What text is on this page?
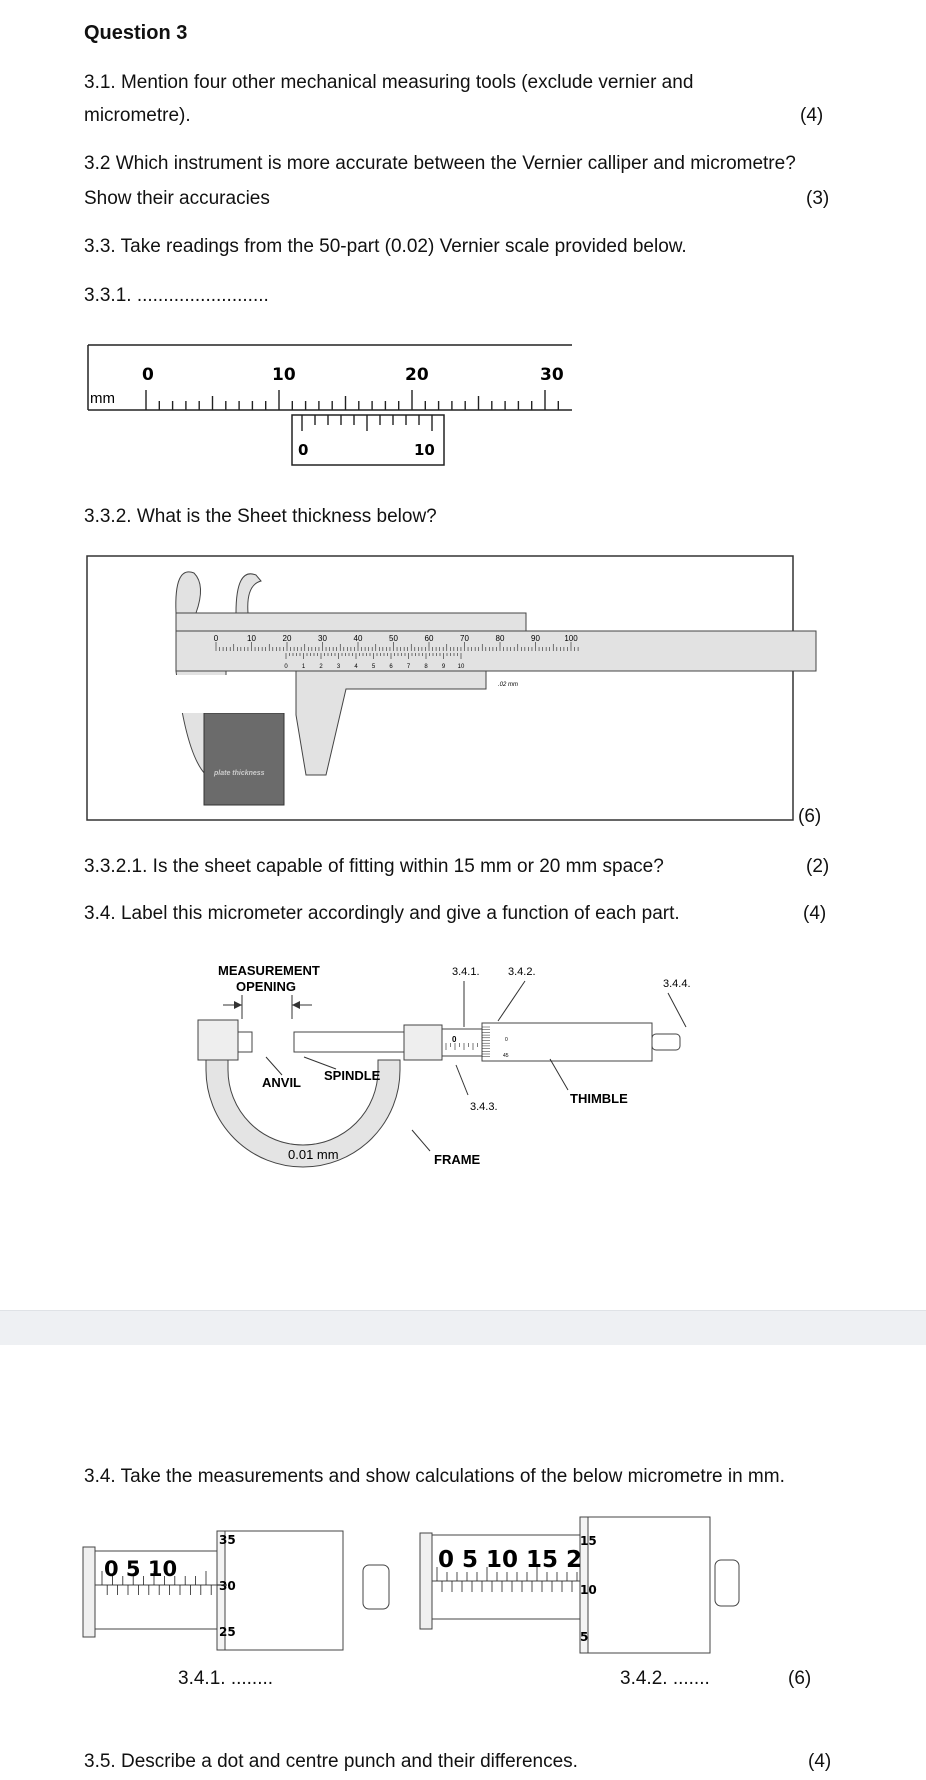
Question 3
3.1. Mention four other mechanical measuring tools (exclude vernier and
micrometre).	(4)
3.2 Which instrument is more accurate between the Vernier calliper and micrometre?
Show their accuracies	(3)
3.3. Take readings from the 50-part (0.02) Vernier scale provided below.
3.3.1. .........................
mm
0	10	20	30
0	10
3.3.2. What is the Sheet thickness below?
plate thickness
0	10	20	30	40	50	60	70	80	90	100
0 1 2 3 4 5 6 7 8 9 10
.02 mm
(6)
3.3.2.1. Is the sheet capable of fitting within 15 mm or 20 mm space?	(2)
3.4. Label this micrometer accordingly and give a function of each part.	(4)
0	0
45
MEASUREMENT
OPENING
ANVIL SPINDLE
THIMBLE
FRAME
0.01 mm
3.4.1.	3.4.2.
3.4.3.
3.4.4.
3.4. Take the measurements and show calculations of the below micrometre in mm.
0 5 10
35
30
25
0 5 10 15 2
15
10
5
3.4.1. ........	3.4.2. .......	(6)
3.5. Describe a dot and centre punch and their differences.	(4)
